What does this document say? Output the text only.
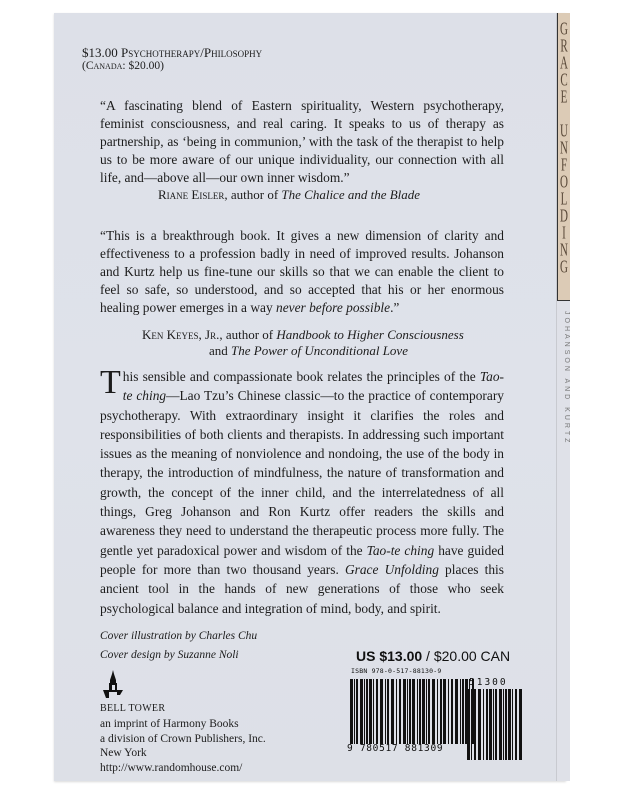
G
R
A
C
E

U
N
F
O
L
D
I
N
G
JOHANSON AND KURTZ
$13.00 Psychotherapy/Philosophy
(Canada: $20.00)
“A fascinating blend of Eastern spirituality, Western psychotherapy, feminist consciousness, and real caring. It speaks to us of therapy as partnership, as ‘being in communion,’ with the task of the therapist to help us to be more aware of our unique individuality, our connection with all life, and—above all—our own inner wisdom.”
Riane Eisler, author of The Chalice and the Blade
“This is a breakthrough book. It gives a new dimension of clarity and effectiveness to a profession badly in need of improved results. Johanson and Kurtz help us fine-tune our skills so that we can enable the client to feel so safe, so understood, and so accepted that his or her enormous healing power emerges in a way never before possible.”
Ken Keyes, Jr., author of Handbook to Higher Consciousness
and The Power of Unconditional Love
This sensible and compassionate book relates the principles of the Tao-te ching—Lao Tzu’s Chinese classic—to the practice of contemporary psychotherapy. With extraordinary insight it clarifies the roles and responsibilities of both clients and therapists. In addressing such important issues as the meaning of nonviolence and nondoing, the use of the body in therapy, the introduction of mindfulness, the nature of transformation and growth, the concept of the inner child, and the interrelatedness of all things, Greg Johanson and Ron Kurtz offer readers the skills and awareness they need to understand the therapeutic process more fully. The gentle yet paradoxical power and wisdom of the Tao-te ching have guided people for more than two thousand years. Grace Unfolding places this ancient tool in the hands of new generations of those who seek psychological balance and integration of mind, body, and spirit.
Cover illustration by Charles Chu
Cover design by Suzanne Noli
BELL TOWER
an imprint of Harmony Books
a division of Crown Publishers, Inc.
New York
http://www.randomhouse.com/
US $13.00 / $20.00 CAN
ISBN 978-0-517-88130-9
9 780517 881309
51300
